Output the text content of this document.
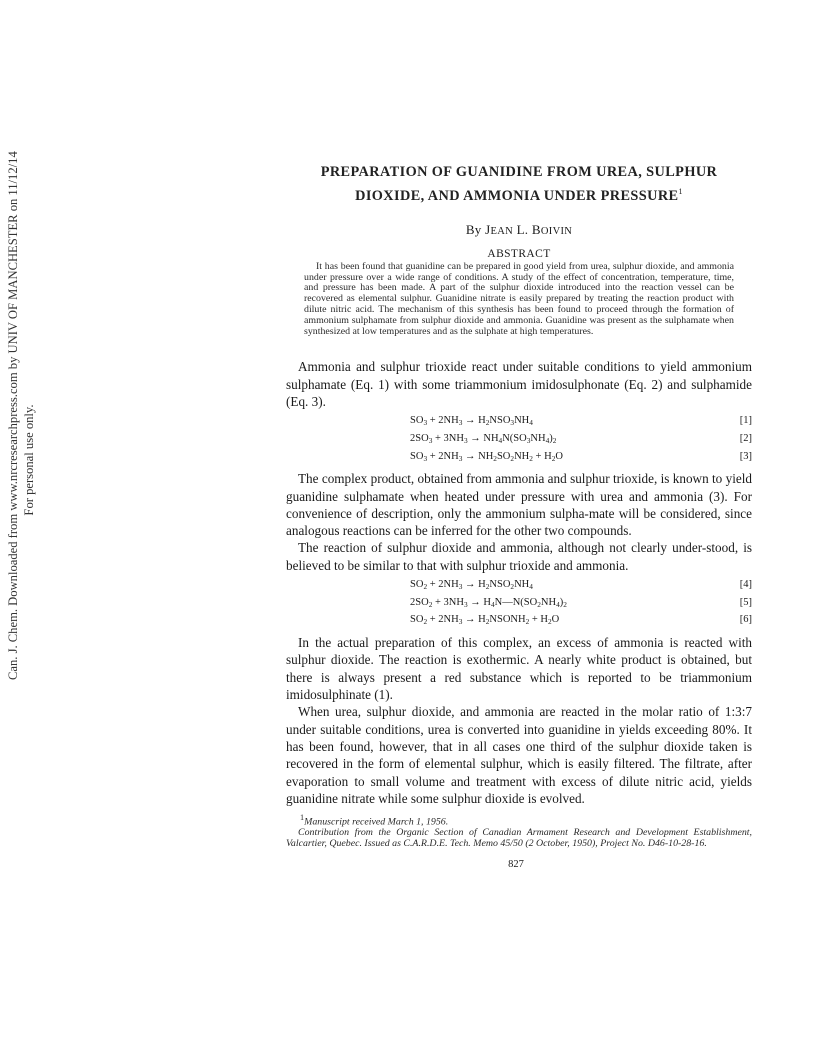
Can. J. Chem. Downloaded from www.nrcresearchpress.com by UNIV OF MANCHESTER on 11/12/14 For personal use only.
PREPARATION OF GUANIDINE FROM UREA, SULPHUR
DIOXIDE, AND AMMONIA UNDER PRESSURE$^1$
By JEAN L. BOIVIN
ABSTRACT

It has been found that guanidine can be prepared in good yield from urea, sulphur dioxide, and ammonia under pressure over a wide range of conditions. A study of the effect of concentration, temperature, time, and pressure has been made. A part of the sulphur dioxide introduced into the reaction vessel can be recovered as elemental sulphur. Guanidine nitrate is easily prepared by treating the reaction product with dilute nitric acid. The mechanism of this synthesis has been found to proceed through the formation of ammonium sulphamate from sulphur dioxide and ammonia. Guanidine was present as the sulphamate when synthesized at low temperatures and as the sulphate at high temperatures.

Ammonia and sulphur trioxide react under suitable conditions to yield ammonium sulphamate (Eq. 1) with some triammonium imidosulphonate (Eq. 2) and sulphamide (Eq. 3).

$SO_3 + 2NH_3 \to H_2NSO_3NH_4$	[1]
$2SO_3 + 3NH_3 \to NH_4N(SO_3NH_4)_2$	[2]
$SO_3 + 2NH_3 \to NH_2SO_2NH_2 + H_2O$	[3]

The complex product, obtained from ammonia and sulphur trioxide, is known to yield guanidine sulphamate when heated under pressure with urea and ammonia (3). For convenience of description, only the ammonium sulpha-mate will be considered, since analogous reactions can be inferred for the other two compounds.

The reaction of sulphur dioxide and ammonia, although not clearly under-stood, is believed to be similar to that with sulphur trioxide and ammonia.

$SO_2 + 2NH_3 \to H_2NSO_2NH_4$	[4]
$2SO_2 + 3NH_3$ → $H_4N—N(SO_2NH_4)_2$	[5]
$SO_2 + 2NH_3$ → $H_2NSONH_2 + H_2O$	[6]

In the actual preparation of this complex, an excess of ammonia is reacted with sulphur dioxide. The reaction is exothermic. A nearly white product is obtained, but there is always present a red substance which is reported to be triammonium imidosulphinate (1).

When urea, sulphur dioxide, and ammonia are reacted in the molar ratio of 1:3:7 under suitable conditions, urea is converted into guanidine in yields exceeding 80%. It has been found, however, that in all cases one third of the sulphur dioxide taken is recovered in the form of elemental sulphur, which is easily filtered. The filtrate, after evaporation to small volume and treatment with excess of dilute nitric acid, yields guanidine nitrate while some sulphur dioxide is evolved.

$^1$Manuscript received March 1, 1956.
Contribution from the Organic Section of Canadian Armament Research and Development Establishment, Valcartier, Quebec. Issued as C.A.R.D.E. Tech. Memo 45/50 (2 October, 1950), Project No. D46-10-28-16.
827
